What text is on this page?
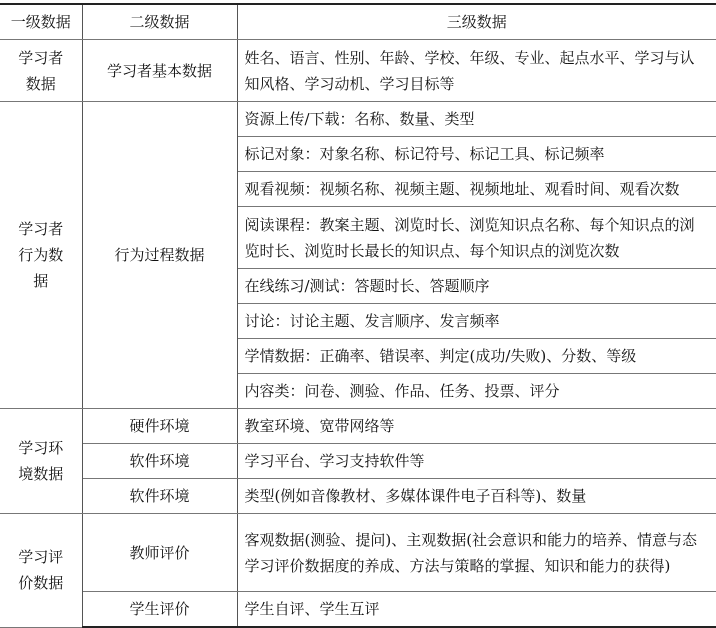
一级数据	二级数据	三级数据
学习者数据	学习者基本数据	姓名、语言、性别、年龄、学校、年级、专业、起点水平、学习与认知风格、学习动机、学习目标等
学习者行为数据	行为过程数据	资源上传/下载：名称、数量、类型
		标记对象：对象名称、标记符号、标记工具、标记频率
		观看视频：视频名称、视频主题、视频地址、观看时间、观看次数
		阅读课程：教案主题、浏览时长、浏览知识点名称、每个知识点的浏览时长、浏览时长最长的知识点、每个知识点的浏览次数
		在线练习/测试：答题时长、答题顺序
		讨论：讨论主题、发言顺序、发言频率
		学情数据：正确率、错误率、判定(成功/失败)、分数、等级
		内容类：问卷、测验、作品、任务、投票、评分
学习环境数据	硬件环境	教室环境、宽带网络等
	软件环境	学习平台、学习支持软件等
	软件环境	类型(例如音像教材、多媒体课件电子百科等)、数量
学习评价数据	教师评价	客观数据(测验、提问)、主观数据(社会意识和能力的培养、情意与态学习评价数据度的养成、方法与策略的掌握、知识和能力的获得)
	学生评价	学生自评、学生互评
